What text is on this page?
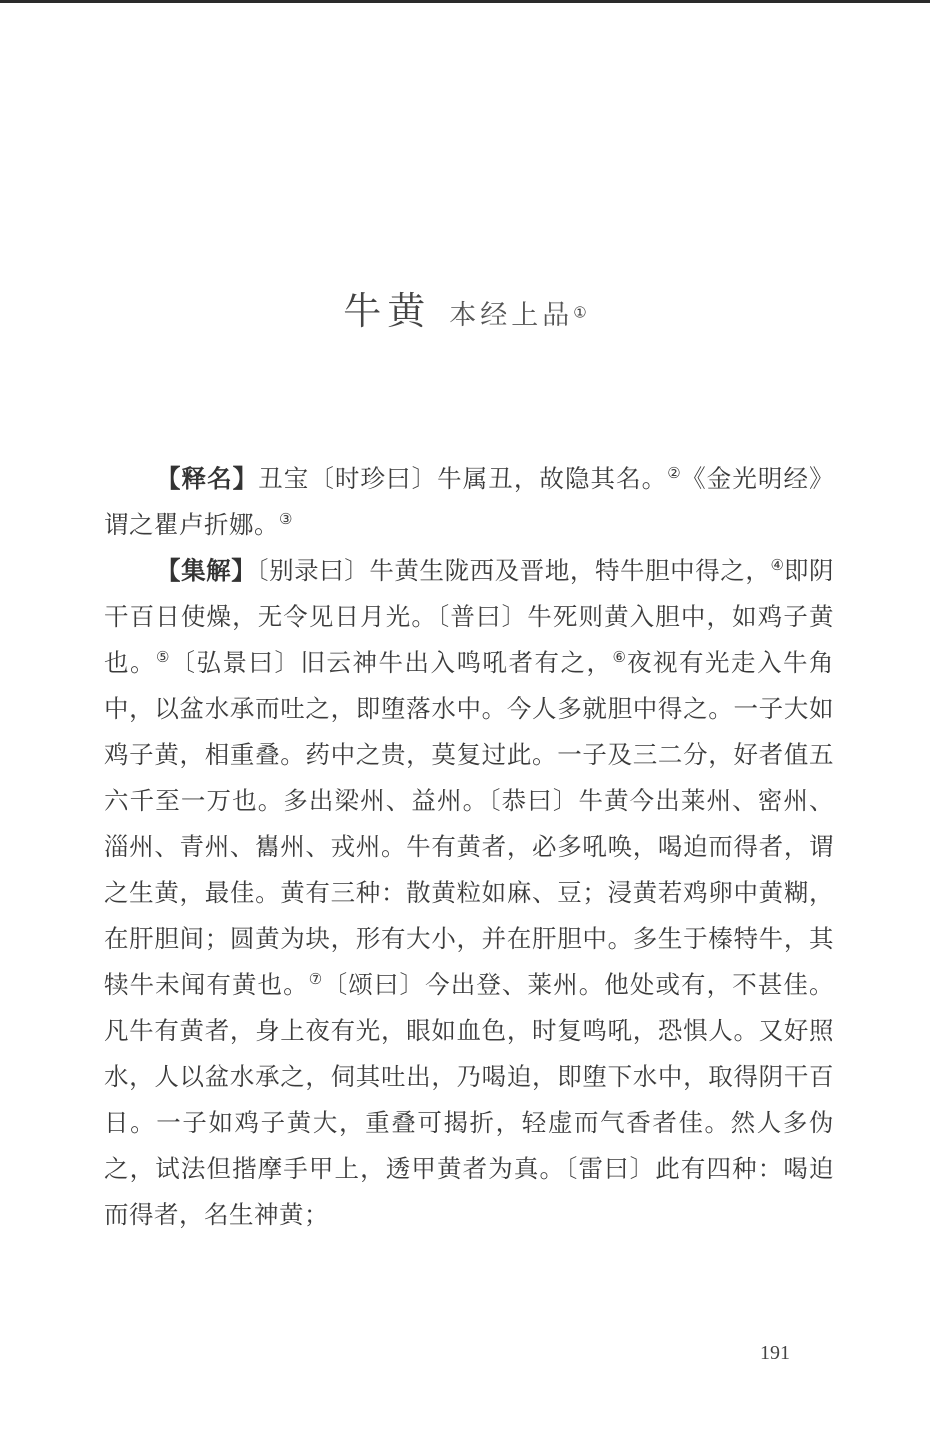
牛黄 本经上品①

【释名】丑宝〔时珍曰〕牛属丑，故隐其名。②《金光明经》谓之瞿卢折娜。③

【集解】〔别录曰〕牛黄生陇西及晋地，特牛胆中得之，④即阴干百日使燥，无令见日月光。〔普曰〕牛死则黄入胆中，如鸡子黄也。⑤〔弘景曰〕旧云神牛出入鸣吼者有之，⑥夜视有光走入牛角中，以盆水承而吐之，即堕落水中。今人多就胆中得之。一子大如鸡子黄，相重叠。药中之贵，莫复过此。一子及三二分，好者值五六千至一万也。多出梁州、益州。〔恭曰〕牛黄今出莱州、密州、淄州、青州、巂州、戎州。牛有黄者，必多吼唤，喝迫而得者，谓之生黄，最佳。黄有三种：散黄粒如麻、豆；浸黄若鸡卵中黄糊，在肝胆间；圆黄为块，形有大小，并在肝胆中。多生于榛特牛，其犊牛未闻有黄也。⑦〔颂曰〕今出登、莱州。他处或有，不甚佳。凡牛有黄者，身上夜有光，眼如血色，时复鸣吼，恐惧人。又好照水，人以盆水承之，伺其吐出，乃喝迫，即堕下水中，取得阴干百日。一子如鸡子黄大，重叠可揭折，轻虚而气香者佳。然人多伪之，试法但揩摩手甲上，透甲黄者为真。〔雷曰〕此有四种：喝迫而得者，名生神黄；

191
